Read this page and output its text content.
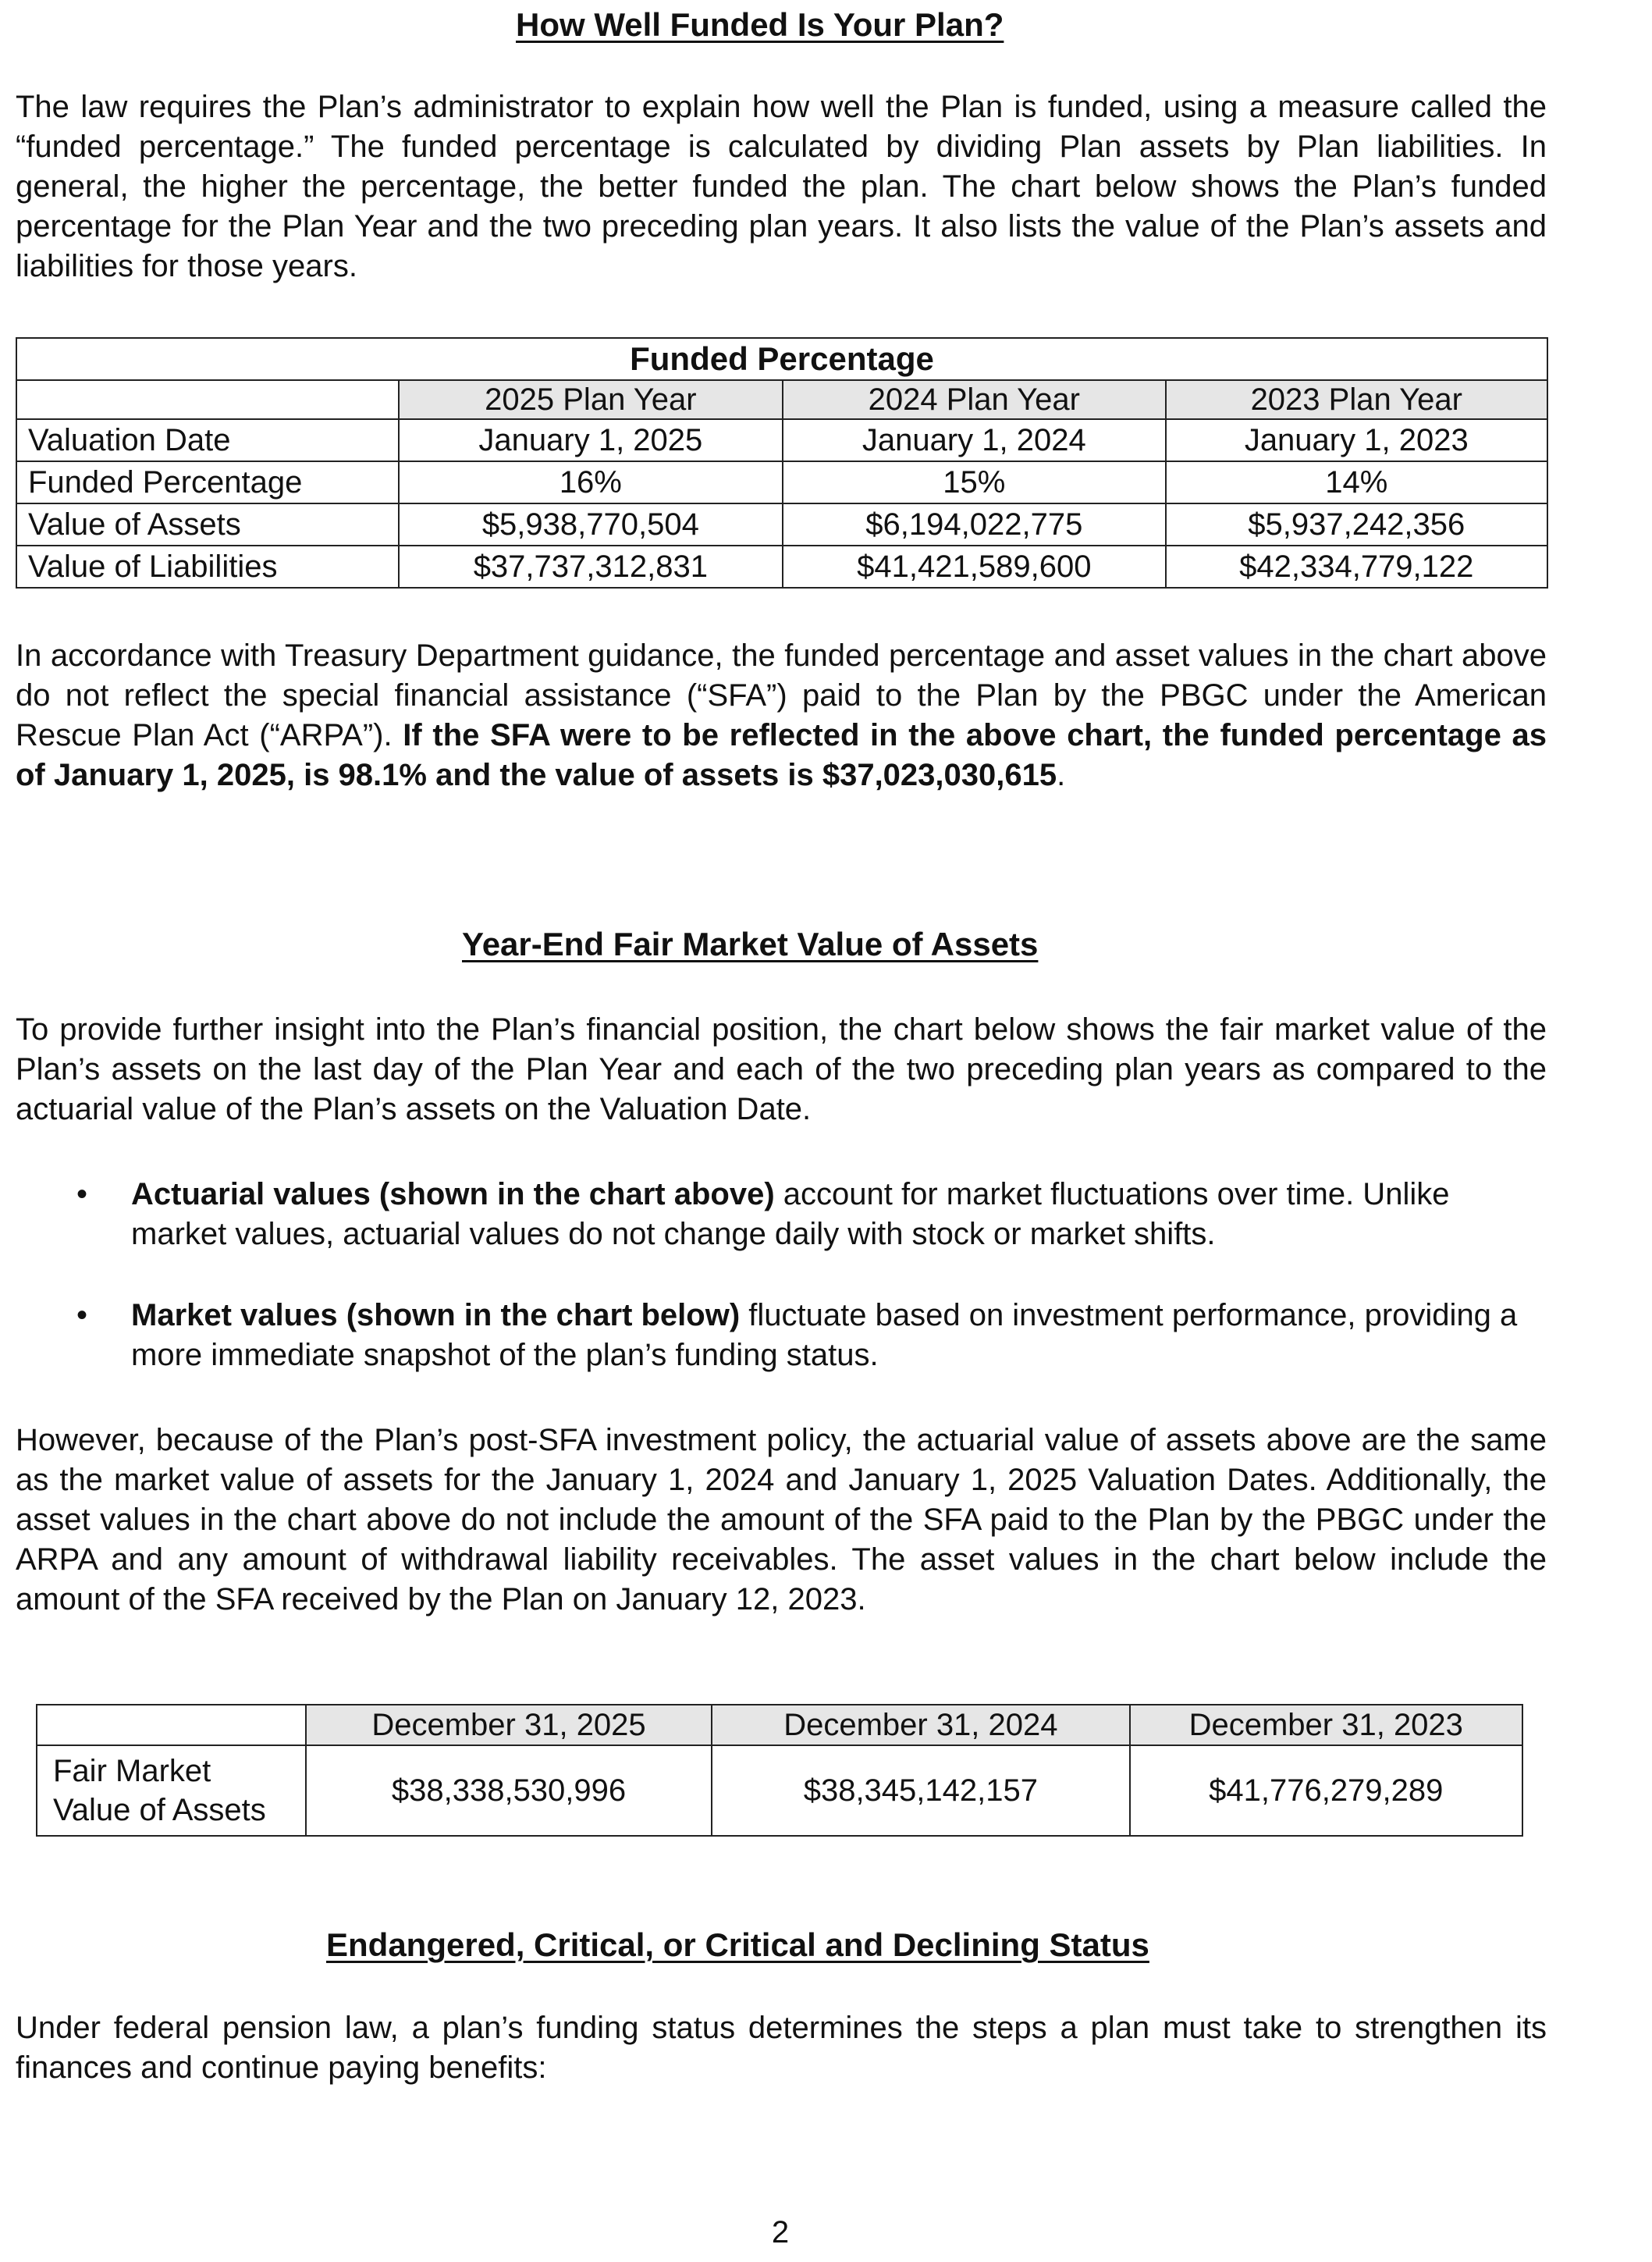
How Well Funded Is Your Plan?
The law requires the Plan’s administrator to explain how well the Plan is funded, using a measure called the “funded percentage.” The funded percentage is calculated by dividing Plan assets by Plan liabilities. In general, the higher the percentage, the better funded the plan. The chart below shows the Plan’s funded percentage for the Plan Year and the two preceding plan years. It also lists the value of the Plan’s assets and liabilities for those years.
Funded Percentage			
	2025 Plan Year	2024 Plan Year	2023 Plan Year
Valuation Date	January 1, 2025	January 1, 2024	January 1, 2023
Funded Percentage	16%	15%	14%
Value of Assets	$5,938,770,504	$6,194,022,775	$5,937,242,356
Value of Liabilities	$37,737,312,831	$41,421,589,600	$42,334,779,122
In accordance with Treasury Department guidance, the funded percentage and asset values in the chart above do not reflect the special financial assistance (“SFA”) paid to the Plan by the PBGC under the American Rescue Plan Act (“ARPA”). If the SFA were to be reflected in the above chart, the funded percentage as of January 1, 2025, is 98.1% and the value of assets is $37,023,030,615.
Year-End Fair Market Value of Assets
To provide further insight into the Plan’s financial position, the chart below shows the fair market value of the Plan’s assets on the last day of the Plan Year and each of the two preceding plan years as compared to the actuarial value of the Plan’s assets on the Valuation Date.
• Actuarial values (shown in the chart above) account for market fluctuations over time. Unlike market values, actuarial values do not change daily with stock or market shifts.
• Market values (shown in the chart below) fluctuate based on investment performance, providing a more immediate snapshot of the plan’s funding status.
However, because of the Plan’s post-SFA investment policy, the actuarial value of assets above are the same as the market value of assets for the January 1, 2024 and January 1, 2025 Valuation Dates. Additionally, the asset values in the chart above do not include the amount of the SFA paid to the Plan by the PBGC under the ARPA and any amount of withdrawal liability receivables. The asset values in the chart below include the amount of the SFA received by the Plan on January 12, 2023.
	December 31, 2025	December 31, 2024	December 31, 2023

Fair Market
Value of Assets	$38,338,530,996	$38,345,142,157	$41,776,279,289
Endangered, Critical, or Critical and Declining Status
Under federal pension law, a plan’s funding status determines the steps a plan must take to strengthen its finances and continue paying benefits:
2
